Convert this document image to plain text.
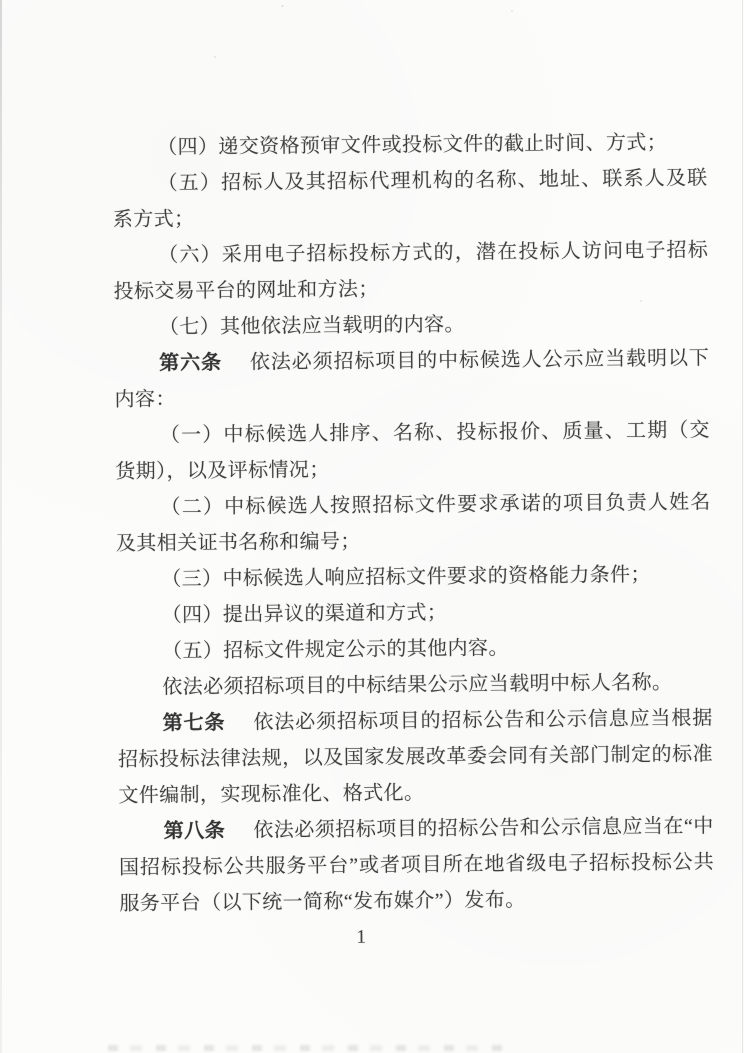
（四）递交资格预审文件或投标文件的截止时间、方式；

（五）招标人及其招标代理机构的名称、地址、联系人及联系方式；

（六）采用电子招标投标方式的，潜在投标人访问电子招标投标交易平台的网址和方法；

（七）其他依法应当载明的内容。

第六条 依法必须招标项目的中标候选人公示应当载明以下内容：

（一）中标候选人排序、名称、投标报价、质量、工期（交货期），以及评标情况；

（二）中标候选人按照招标文件要求承诺的项目负责人姓名及其相关证书名称和编号；

（三）中标候选人响应招标文件要求的资格能力条件；

（四）提出异议的渠道和方式；

（五）招标文件规定公示的其他内容。

依法必须招标项目的中标结果公示应当载明中标人名称。

第七条 依法必须招标项目的招标公告和公示信息应当根据招标投标法律法规，以及国家发展改革委会同有关部门制定的标准文件编制，实现标准化、格式化。

第八条 依法必须招标项目的招标公告和公示信息应当在“中国招标投标公共服务平台”或者项目所在地省级电子招标投标公共服务平台（以下统一简称“发布媒介”）发布。

1
